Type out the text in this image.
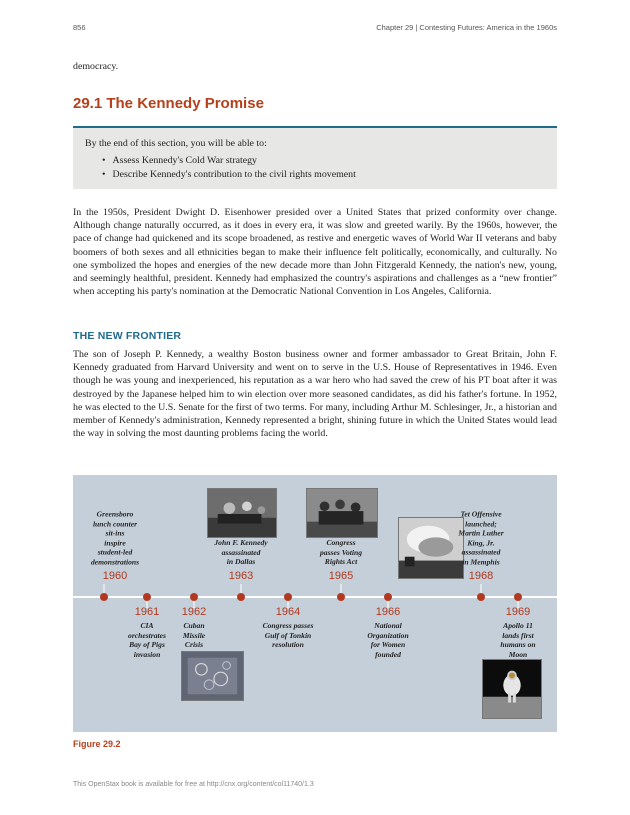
856	Chapter 29 | Contesting Futures: America in the 1960s

democracy.

29.1 The Kennedy Promise
By the end of this section, you will be able to:
• Assess Kennedy's Cold War strategy
• Describe Kennedy's contribution to the civil rights movement

In the 1950s, President Dwight D. Eisenhower presided over a United States that prized conformity over change. Although change naturally occurred, as it does in every era, it was slow and greeted warily. By the 1960s, however, the pace of change had quickened and its scope broadened, as restive and energetic waves of World War II veterans and baby boomers of both sexes and all ethnicities began to make their influence felt politically, economically, and culturally. No one symbolized the hopes and energies of the new decade more than John Fitzgerald Kennedy, the nation's new, young, and seemingly healthful, president. Kennedy had emphasized the country's aspirations and challenges as a “new frontier” when accepting his party's nomination at the Democratic National Convention in Los Angeles, California.

THE NEW FRONTIER

The son of Joseph P. Kennedy, a wealthy Boston business owner and former ambassador to Great Britain, John F. Kennedy graduated from Harvard University and went on to serve in the U.S. House of Representatives in 1946. Even though he was young and inexperienced, his reputation as a war hero who had saved the crew of his PT boat after it was destroyed by the Japanese helped him to win election over more seasoned candidates, as did his father's fortune. In 1952, he was elected to the U.S. Senate for the first of two terms. For many, including Arthur M. Schlesinger, Jr., a historian and member of Kennedy's administration, Kennedy represented a bright, shining future in which the United States would lead the way in solving the most daunting problems facing the world.

Greensboro
lunch counter
sit-ins
inspire
student-led
demonstrations
1960
John F. Kennedy
assassinated
in Dallas
1963
Congress
passes Voting
Rights Act
1965
Tet Offensive
launched;
Martin Luther
King, Jr.
assassinated
in Memphis
1968
1961
CIA
orchestrates
Bay of Pigs
invasion
1962
Cuban
Missile
Crisis
1964
Congress passes
Gulf of Tonkin
resolution
1966
National
Organization
for Women
founded
1969
Apollo 11
lands first
humans on
Moon
Figure 29.2
This OpenStax book is available for free at http://cnx.org/content/col11740/1.3
